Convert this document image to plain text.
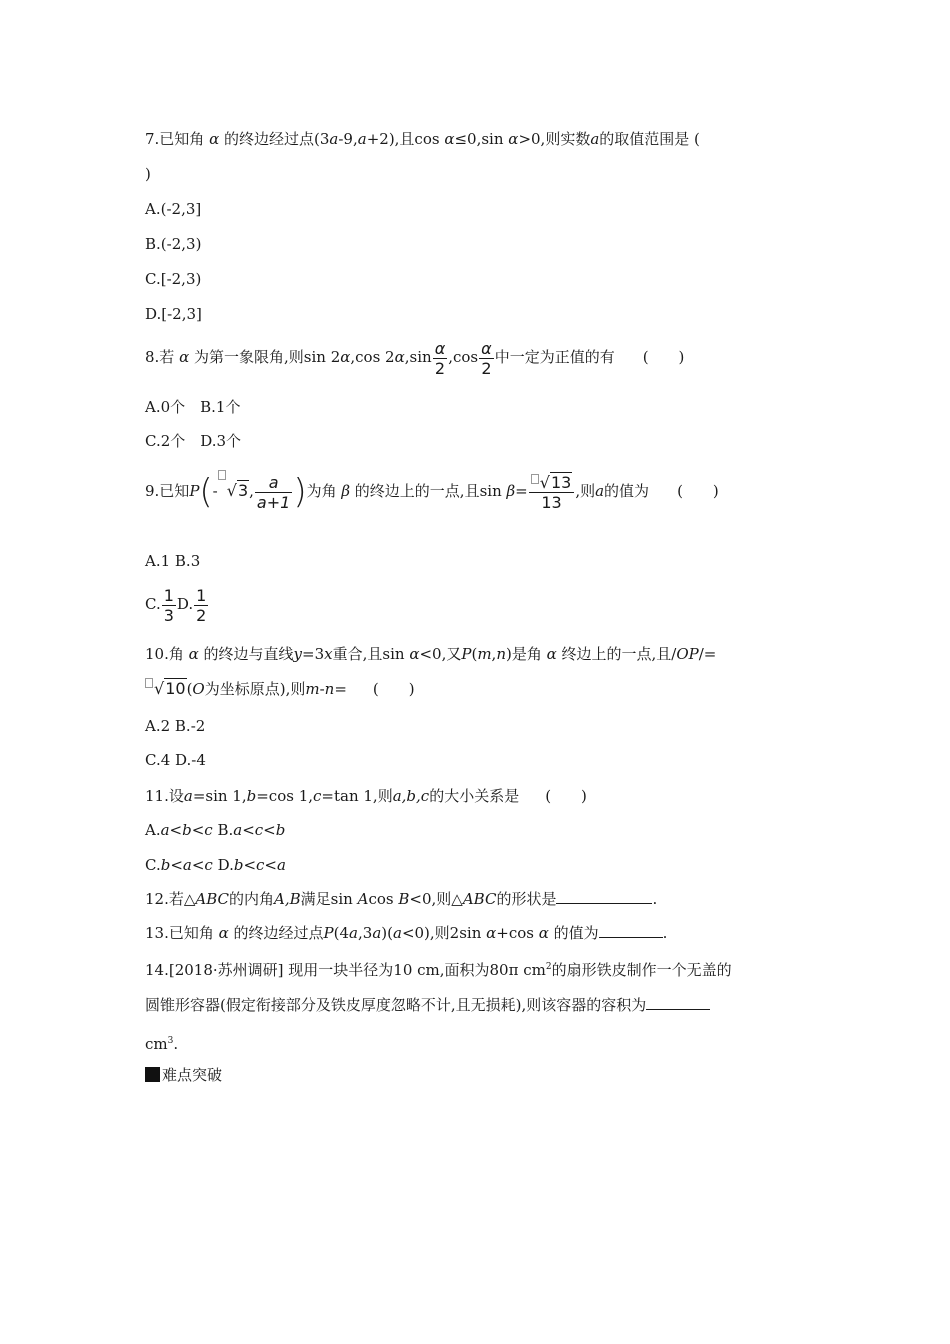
7.已知角 α 的终边经过点(3a-9,a+2),且cos α≤0,sin α>0,则实数a的取值范围是 (
)
A.(-2,3]
B.(-2,3)
C.[-2,3)
D.[-2,3]
8.若 α 为第一象限角,则sin 2α,cos $2\alpha,\sin \frac{\alpha}{2} ,\cos \frac{\alpha}{2}$ 中一定为正值的有 (　　)
A.0个　B.1个
C.2个　D.3个
9.已知P(- √3, $\frac{a}{a+1}$ )为角 β 的终边上的一点,且$\sin \beta= \frac{√13}{13}$ ,则a的值为 (　　)
A.1 B.3
C. $\frac{1}{3} D$. $\frac{1}{2}$
10.角 α 的终边与直线y=3x重合,且sin α<0,又P(m,n)是角 α 终边上的一点,且/OP/=
√10(O为坐标原点),则m-n= (　　)
A.2 B.-2
C.4 D.-4
11.设a=sin 1,b=cos 1,c=tan 1,则a,b,c的大小关系是 (　　)
A.a<b<c B.a<c<b
C.b<a<c D.b<c<a
12.若△ABC的内角A,B满足sin Acos B<0,则△ABC的形状是	.
13.已知角 α 的终边经过点P(4a,3a)(a<0),则2sin α+cos α 的值为	.
14.[2018·苏州调研] 现用一块半径为10 cm,面积为80π $cm^2$的扇形铁皮制作一个无盖的
圆锥形容器(假定衔接部分及铁皮厚度忽略不计,且无损耗),则该容器的容积为
$cm^3$.
难点突破
